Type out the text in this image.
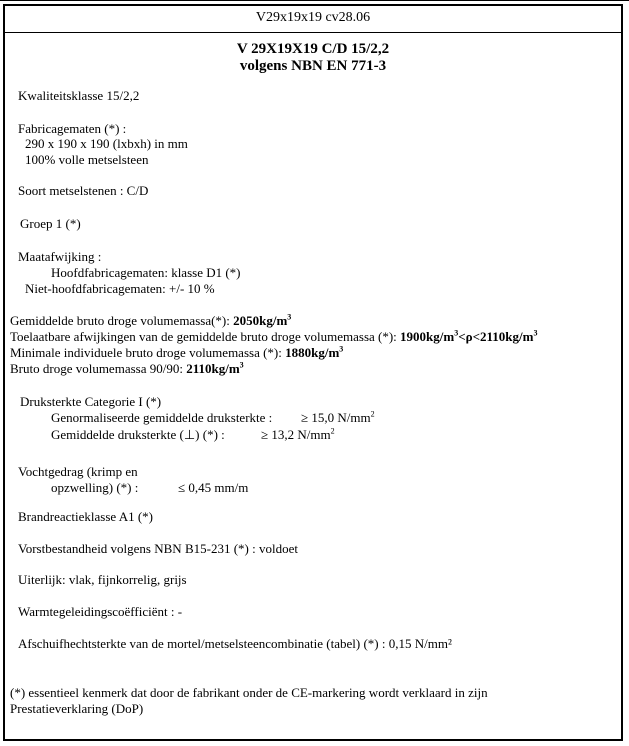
V29x19x19 cv28.06
V 29X19X19 C/D 15/2,2
volgens NBN EN 771-3
Kwaliteitsklasse 15/2,2
Fabricagematen (*) :
290 x 190 x 190 (lxbxh) in mm
100% volle metselsteen
Soort metselstenen : C/D
Groep 1 (*)
Maatafwijking :
Hoofdfabricagematen: klasse D1 (*)
Niet-hoofdfabricagematen: +/- 10 %
Gemiddelde bruto droge volumemassa(*): $2050kg/m^3$
Toelaatbare afwijkingen van de gemiddelde bruto droge volumemassa (*): $1900kg/m^3<\rho<2110kg/m^3$
Minimale individuele bruto droge volumemassa (*): $1880kg/m^3$
Bruto droge volumemassa 90/90: $2110kg/m^3$
Druksterkte Categorie I (*)
Genormaliseerde gemiddelde druksterkte : ≥ 15,0 $N/mm^2$
Gemiddelde druksterkte (⊥) (*) :	≥ 13,2 $N/mm^2$
Vochtgedrag (krimp en
opzwelling) (*) :	≤ 0,45 mm/m
Brandreactieklasse A1 (*)
Vorstbestandheid volgens NBN B15-231 (*) : voldoet
Uiterlijk: vlak, fijnkorrelig, grijs
Warmtegeleidingscoëfficiënt : -
Afschuifhechtsterkte van de mortel/metselsteencombinatie (tabel) (*) : 0,15 N/mm²
(*) essentieel kenmerk dat door de fabrikant onder de CE-markering wordt verklaard in zijn
Prestatieverklaring (DoP)
